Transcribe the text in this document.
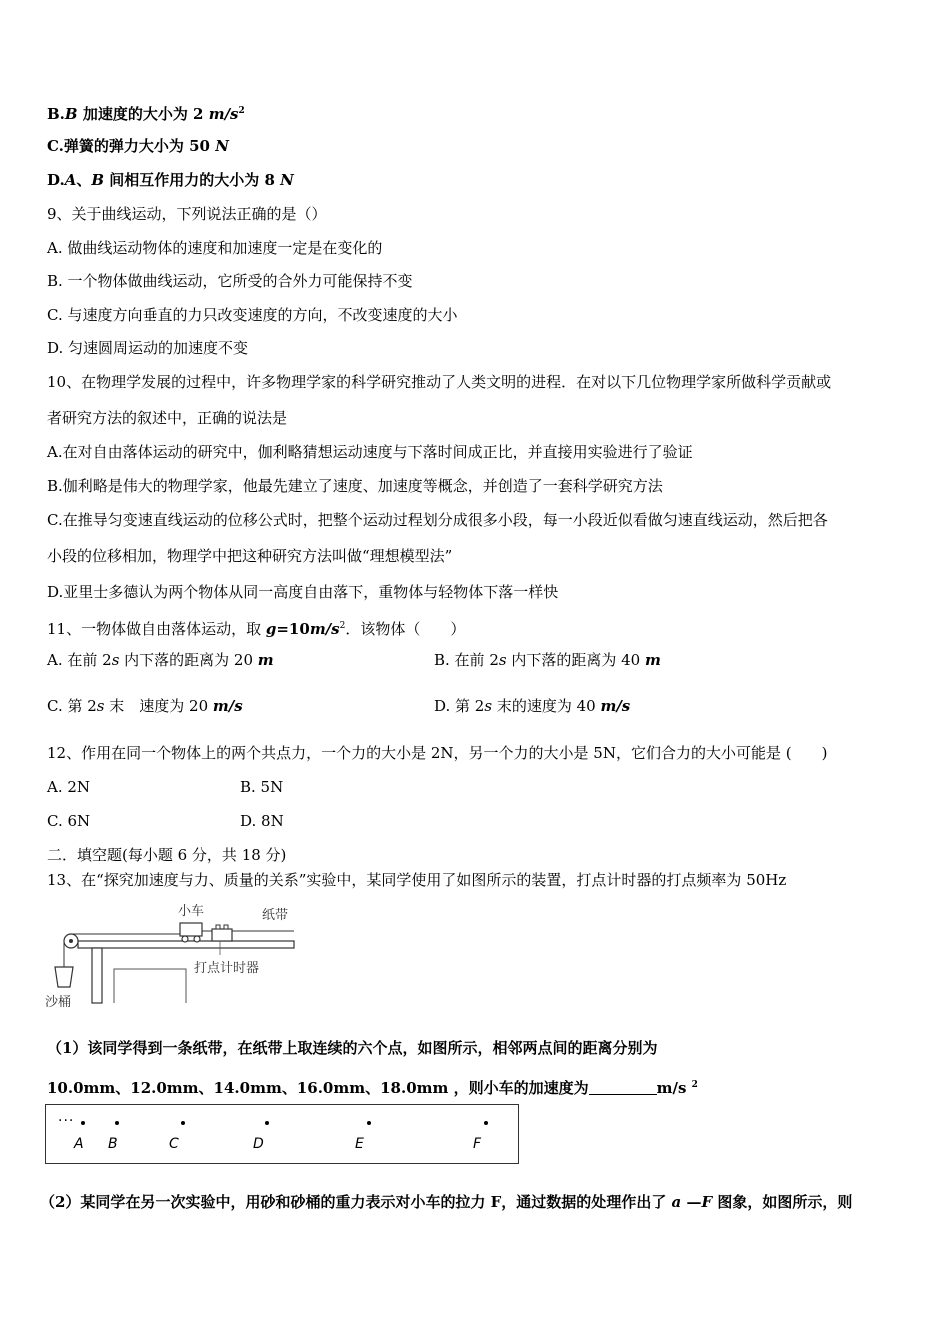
B.B 加速度的大小为 2 $m/s^2$
C.弹簧的弹力大小为 50 N
D.A、B 间相互作用力的大小为 8 N
9、关于曲线运动，下列说法正确的是（）
A. 做曲线运动物体的速度和加速度一定是在变化的
B. 一个物体做曲线运动，它所受的合外力可能保持不变
C. 与速度方向垂直的力只改变速度的方向，不改变速度的大小
D. 匀速圆周运动的加速度不变
10、在物理学发展的过程中，许多物理学家的科学研究推动了人类文明的进程．在对以下几位物理学家所做科学贡献或
者研究方法的叙述中，正确的说法是
A.在对自由落体运动的研究中，伽利略猜想运动速度与下落时间成正比，并直接用实验进行了验证
B.伽利略是伟大的物理学家，他最先建立了速度、加速度等概念，并创造了一套科学研究方法
C.在推导匀变速直线运动的位移公式时，把整个运动过程划分成很多小段，每一小段近似看做匀速直线运动，然后把各
小段的位移相加，物理学中把这种研究方法叫做“理想模型法”
D.亚里士多德认为两个物体从同一高度自由落下，重物体与轻物体下落一样快
11、一物体做自由落体运动，取 $g=10m/s^2$．该物体（　　）
A. 在前 2s 内下落的距离为 20 m	B. 在前 2s 内下落的距离为 40 m
C. 第 2s 末　速度为 20 m/s	D. 第 2s 末的速度为 40 m/s
12、作用在同一个物体上的两个共点力，一个力的大小是 2N，另一个力的大小是 5N，它们合力的大小可能是 (　　)
A. 2N	B. 5N
C. 6N	D. 8N
二．填空题(每小题 6 分，共 18 分)
13、在“探究加速度与力、质量的关系”实验中，某同学使用了如图所示的装置，打点计时器的打点频率为 50Hz
小车	纸带
打点计时器
沙桶
（1）该同学得到一条纸带，在纸带上取连续的六个点，如图所示，相邻两点间的距离分别为
10.0mm、12.0mm、14.0mm、16.0mm、18.0mm ，则小车的加速度为	m/s $^2$
···
A B	C	D	E	F
（2）某同学在另一次实验中，用砂和砂桶的重力表示对小车的拉力 F，通过数据的处理作出了 a —F 图象，如图所示，则
